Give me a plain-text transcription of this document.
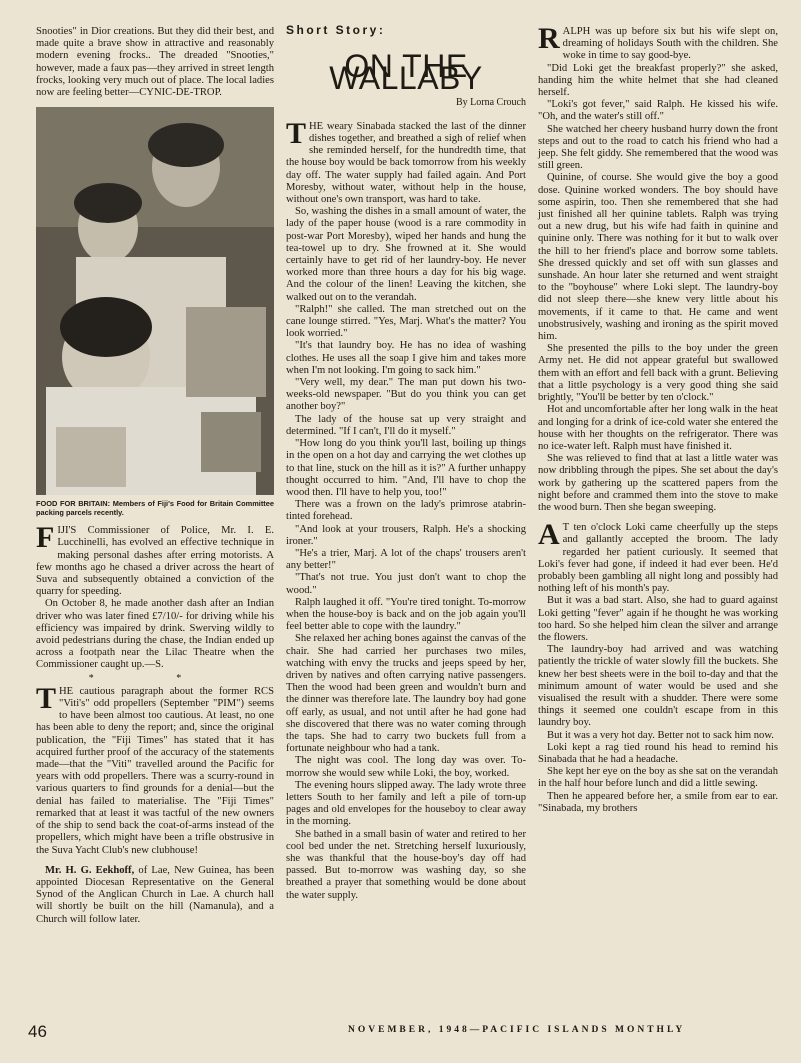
Snooties" in Dior creations. But they did their best, and made quite a brave show in attractive and reasonably modern evening frocks.. The dreaded "Snooties," however, made a faux pas—they arrived in street length frocks, looking very much out of place. The local ladies now are feeling better—CYNIC-DE-TROP.

FOOD FOR BRITAIN: Members of Fiji's Food for Britain Committee packing parcels recently.

FIJI'S Commissioner of Police, Mr. I. E. Lucchinelli, has evolved an effective technique in making personal dashes after erring motorists. A few months ago he chased a driver across the heart of Suva and subsequently obtained a conviction of the quarry for speeding.

On October 8, he made another dash after an Indian driver who was later fined £7/10/- for driving while his efficiency was impaired by drink. Swerving wildly to avoid pedestrians during the chase, the Indian ended up across a footpath near the Lilac Theatre when the Commissioner caught up.—S.

* *

THE cautious paragraph about the former RCS "Viti's" odd propellers (September "PIM") seems to have been almost too cautious. At least, no one has been able to deny the report; and, since the original publication, the "Fiji Times" has stated that it has acquired further proof of the accuracy of the statements made—that the "Viti" travelled around the Pacific for years with odd propellers. There was a scurry-round in various quarters to find grounds for a denial—but the denial has failed to materialise. The "Fiji Times" remarked that at least it was tactful of the new owners of the ship to send back the coat-of-arms instead of the propellers, which might have been a trifle obstrusive in the Suva Yacht Club's new clubhouse!

Mr. H. G. Eekhoff, of Lae, New Guinea, has been appointed Diocesan Representative on the General Synod of the Anglican Church in Lae. A church hall will shortly be built on the hill (Namanula), and a Church will follow later.

Short Story:
ON THE WALLABY
By Lorna Crouch

THE weary Sinabada stacked the last of the dinner dishes together, and breathed a sigh of relief when she reminded herself, for the hundredth time, that the house boy would be back tomorrow from his weekly day off. The water supply had failed again. And Port Moresby, without water, without help in the house, without one's own transport, was hard to take.

So, washing the dishes in a small amount of water, the lady of the paper house (wood is a rare commodity in post-war Port Moresby), wiped her hands and hung the tea-towel up to dry. She frowned at it. She would certainly have to get rid of her laundry-boy. He never worked more than three hours a day for his big wage. And the colour of the linen! Leaving the kitchen, she walked out on to the verandah.

"Ralph!" she called. The man stretched out on the cane lounge stirred. "Yes, Marj. What's the matter? You look worried."

"It's that laundry boy. He has no idea of washing clothes. He uses all the soap I give him and takes more when I'm not looking. I'm going to sack him."

"Very well, my dear." The man put down his two-weeks-old newspaper. "But do you think you can get another boy?"

The lady of the house sat up very straight and determined. "If I can't, I'll do it myself."

"How long do you think you'll last, boiling up things in the open on a hot day and carrying the wet clothes up to that line, stuck on the hill as it is?" A further unhappy thought occurred to him. "And, I'll have to chop the wood then. I'll have to help you, too!"

There was a frown on the lady's primrose atabrin-tinted forehead.

"And look at your trousers, Ralph. He's a shocking ironer."

"He's a trier, Marj. A lot of the chaps' trousers aren't any better!"

"That's not true. You just don't want to chop the wood."

Ralph laughed it off. "You're tired tonight. To-morrow when the house-boy is back and on the job again you'll feel better able to cope with the laundry."

She relaxed her aching bones against the canvas of the chair. She had carried her purchases two miles, watching with envy the trucks and jeeps speed by her, driven by natives and often carrying native passengers. Then the wood had been green and wouldn't burn and the dinner was therefore late. The laundry boy had gone off early, as usual, and not until after he had gone had she discovered that there was no water coming through the taps. She had to carry two buckets full from a fortunate neighbour who had a tank.

The night was cool. The long day was over. To-morrow she would sew while Loki, the boy, worked.

The evening hours slipped away. The lady wrote three letters South to her family and left a pile of torn-up pages and old envelopes for the houseboy to clear away in the morning.

She bathed in a small basin of water and retired to her cool bed under the net. Stretching herself luxuriously, she was thankful that the house-boy's day off had passed. But to-morrow was washing day, so she breathed a prayer that something would be done about the water supply.

RALPH was up before six but his wife slept on, dreaming of holidays South with the children. She woke in time to say good-bye.

"Did Loki get the breakfast properly?" she asked, handing him the white helmet that she had cleaned herself.

"Loki's got fever," said Ralph. He kissed his wife. "Oh, and the water's still off."

She watched her cheery husband hurry down the front steps and out to the road to catch his friend who had a jeep. She felt giddy. She remembered that the wood was still green.

Quinine, of course. She would give the boy a good dose. Quinine worked wonders. The boy should have some aspirin, too. Then she remembered that she had just finished all her quinine tablets. Ralph was trying out a new drug, but his wife had faith in quinine and quinine only. There was nothing for it but to walk over the hill to her friend's place and borrow some tablets. She dressed quickly and set off with sun glasses and sunshade. An hour later she returned and went straight to the "boyhouse" where Loki slept. The laundry-boy did not sleep there—she knew very little about his movements, if it came to that. He came and went unobstrusively, washing and ironing as the spirit moved him.

She presented the pills to the boy under the green Army net. He did not appear grateful but swallowed them with an effort and fell back with a grunt. Believing that a little psychology is a very good thing she said brightly, "You'll be better by ten o'clock."

Hot and uncomfortable after her long walk in the heat and longing for a drink of ice-cold water she entered the house with her thoughts on the refrigerator. There was no ice-water left. Ralph must have finished it.

She was relieved to find that at last a little water was now dribbling through the pipes. She set about the day's work by gathering up the scattered papers from the night before and crammed them into the stove to make the wood burn. Then she began sweeping.

A T ten o'clock Loki came cheerfully up the steps and gallantly accepted the broom. The lady regarded her patient curiously. It seemed that Loki's fever had gone, if indeed it had ever been. He'd probably been gambling all night long and possibly had nothing left of his month's pay.

But it was a bad start. Also, she had to guard against Loki getting "fever" again if he thought he was working too hard. So she helped him clean the silver and arrange the flowers.

The laundry-boy had arrived and was watching patiently the trickle of water slowly fill the buckets. She knew her best sheets were in the boil to-day and that the minimum amount of water would be used and she visualised the result with a shudder. There were some things it seemed one couldn't escape from in this laundry boy.

But it was a very hot day. Better not to sack him now.

Loki kept a rag tied round his head to remind his Sinabada that he had a headache.

She kept her eye on the boy as she sat on the verandah in the half hour before lunch and did a little sewing.

Then he appeared before her, a smile from ear to ear. "Sinabada, my brothers

46	NOVEMBER, 1948—PACIFIC ISLANDS MONTHLY
